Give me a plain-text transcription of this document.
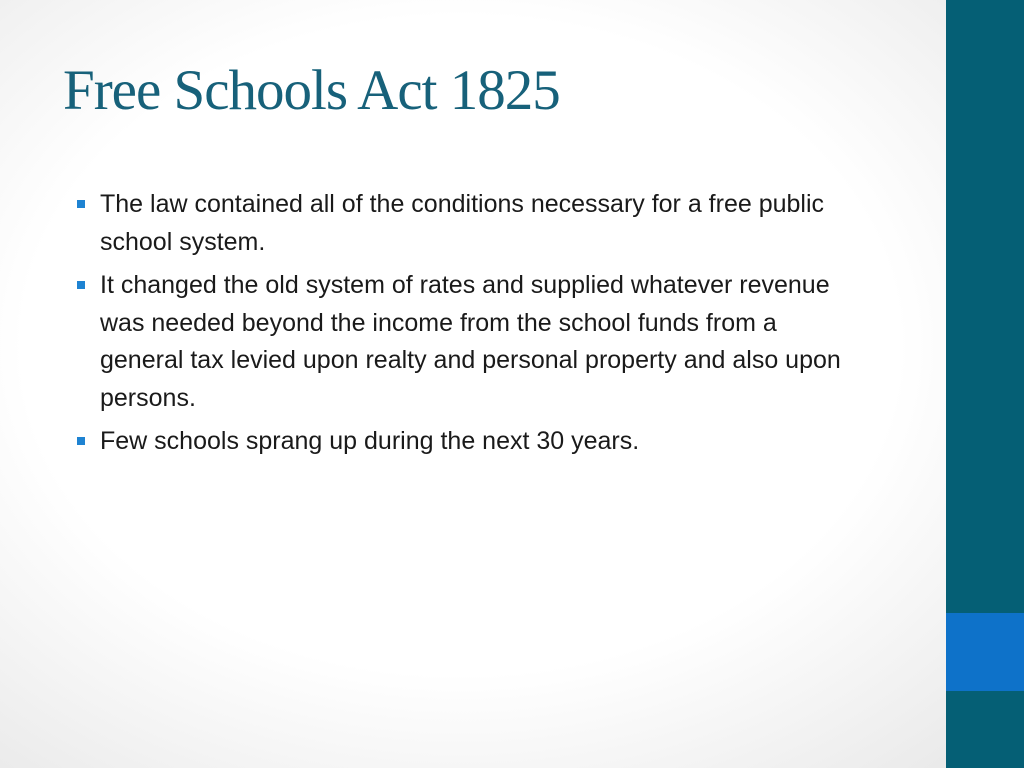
Free Schools Act 1825
The law contained all of the conditions necessary for a free public school system.
It changed the old system of rates and supplied whatever revenue was needed beyond the income from the school funds from a general tax levied upon realty and personal property and also upon persons.
Few schools sprang up during the next 30 years.
